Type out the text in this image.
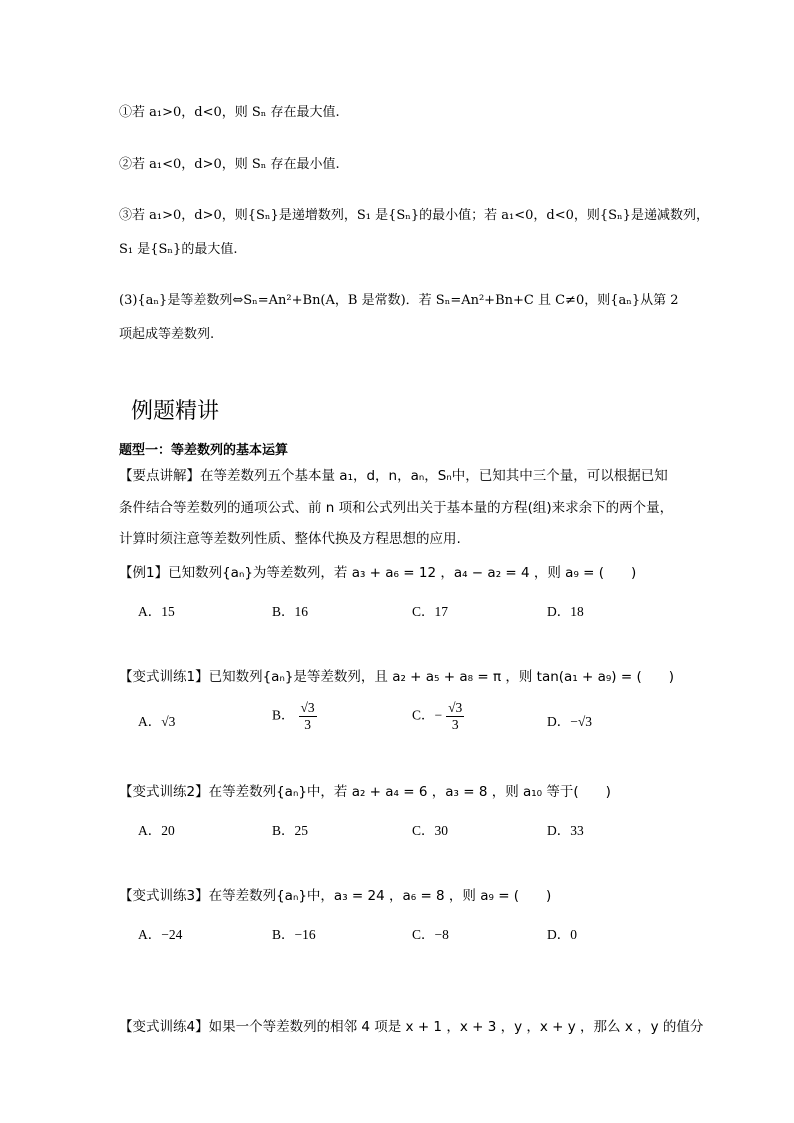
①若 a₁>0，d<0，则 Sₙ 存在最大值.
②若 a₁<0，d>0，则 Sₙ 存在最小值.
③若 a₁>0，d>0，则{Sₙ}是递增数列，S₁ 是{Sₙ}的最小值；若 a₁<0，d<0，则{Sₙ}是递减数列，
S₁ 是{Sₙ}的最大值.
(3){aₙ}是等差数列⇔Sₙ=An²+Bn(A，B 是常数)．若 Sₙ=An²+Bn+C 且 C≠0，则{aₙ}从第 2
项起成等差数列.
例题精讲
题型一：等差数列的基本运算
【要点讲解】在等差数列五个基本量 a₁，d，n，aₙ，Sₙ中，已知其中三个量，可以根据已知
条件结合等差数列的通项公式、前 n 项和公式列出关于基本量的方程(组)来求余下的两个量，
计算时须注意等差数列性质、整体代换及方程思想的应用.
【例1】已知数列{aₙ}为等差数列，若 a₃ + a₆ = 12 ，a₄ − a₂ = 4 ，则 a₉ = (　　)
A．15	B．16	C．17	D．18
【变式训练1】已知数列{aₙ}是等差数列，且 a₂ + a₅ + a₈ = π ，则 tan(a₁ + a₉) = (　　)
A．√3	B． $\frac{√3}{3}$	C．− $\frac{√3}{3}$	D．−√3
【变式训练2】在等差数列{aₙ}中，若 a₂ + a₄ = 6 ，a₃ = 8 ，则 a₁₀ 等于(　　)
A．20	B．25	C．30	D．33
【变式训练3】在等差数列{aₙ}中，a₃ = 24 ，a₆ = 8 ，则 a₉ = (　　)
A．−24	B．−16	C．−8	D．0
【变式训练4】如果一个等差数列的相邻 4 项是 x + 1 ，x + 3 ，y ，x + y ，那么 x ，y 的值分
